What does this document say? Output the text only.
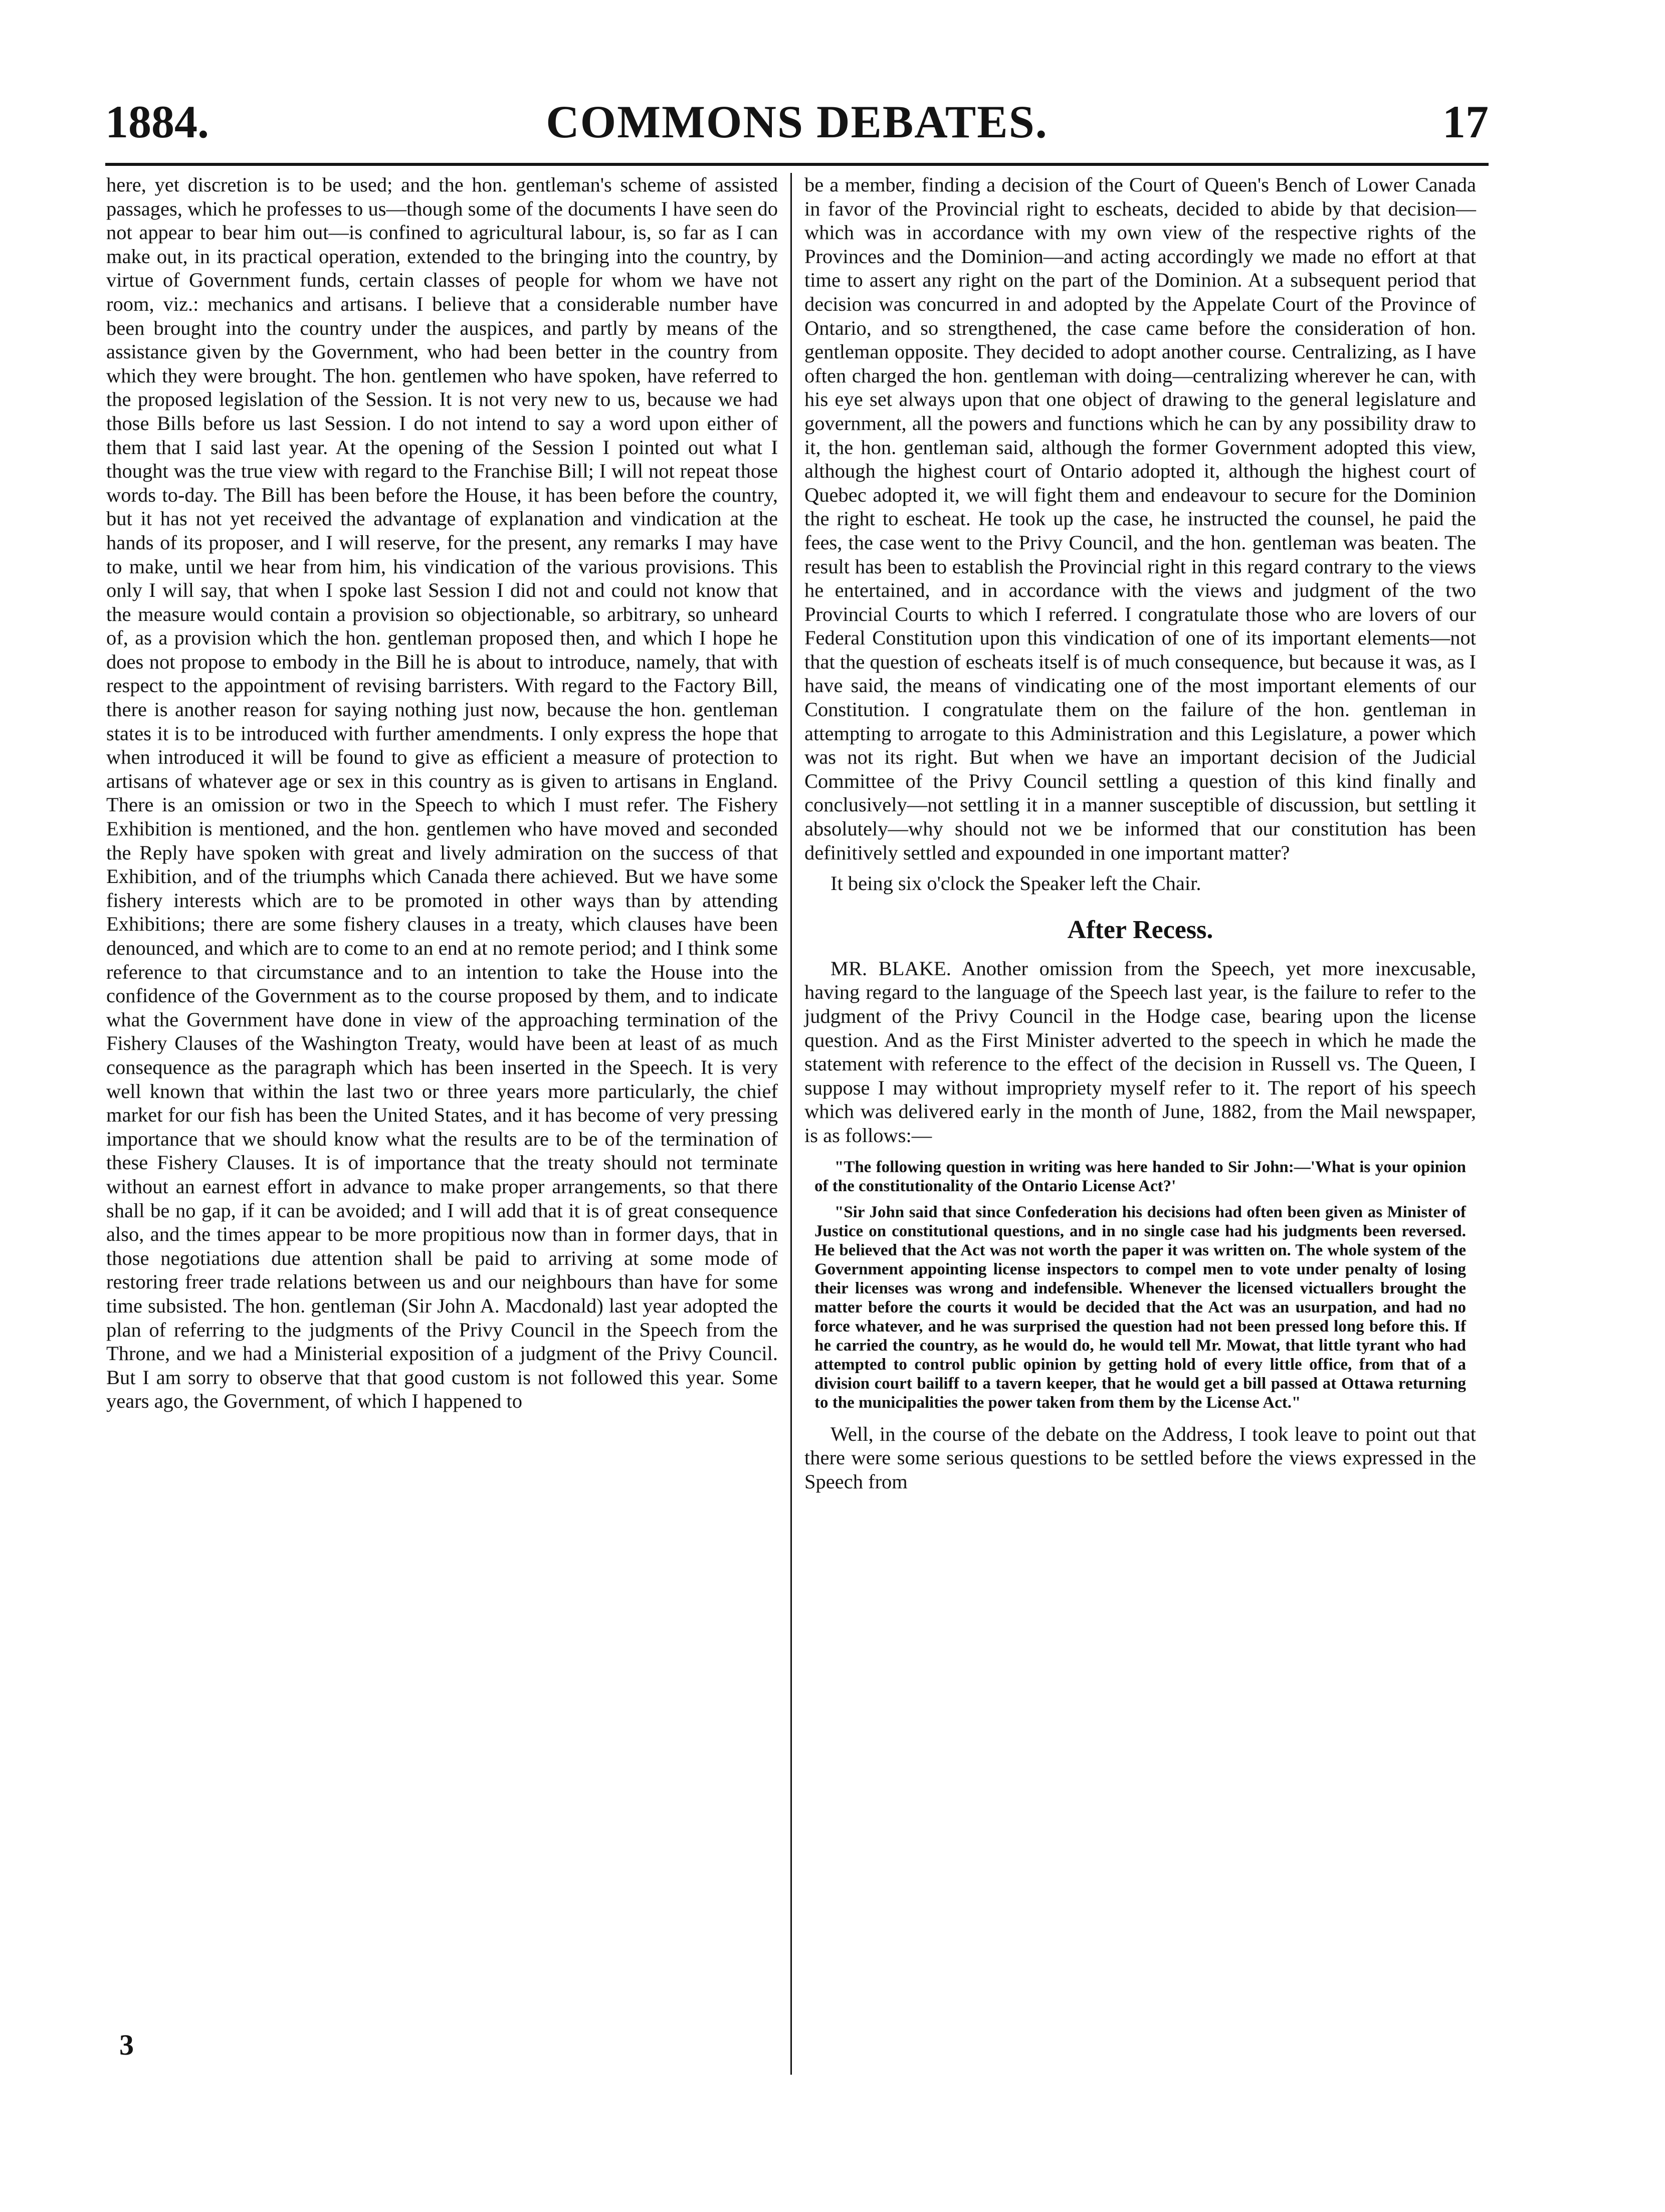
1884.	COMMONS DEBATES.	17

here, yet discretion is to be used; and the hon. gentleman's scheme of assisted passages, which he professes to us—though some of the documents I have seen do not appear to bear him out—is confined to agricultural labour, is, so far as I can make out, in its practical operation, extended to the bringing into the country, by virtue of Government funds, certain classes of people for whom we have not room, viz.: mechanics and artisans. I believe that a considerable number have been brought into the country under the auspices, and partly by means of the assistance given by the Government, who had been better in the country from which they were brought. The hon. gentlemen who have spoken, have referred to the proposed legislation of the Session. It is not very new to us, because we had those Bills before us last Session. I do not intend to say a word upon either of them that I said last year. At the opening of the Session I pointed out what I thought was the true view with regard to the Franchise Bill; I will not repeat those words to-day. The Bill has been before the House, it has been before the country, but it has not yet received the advantage of explanation and vindication at the hands of its proposer, and I will reserve, for the present, any remarks I may have to make, until we hear from him, his vindication of the various provisions. This only I will say, that when I spoke last Session I did not and could not know that the measure would contain a provision so objectionable, so arbitrary, so unheard of, as a provision which the hon. gentleman proposed then, and which I hope he does not propose to embody in the Bill he is about to introduce, namely, that with respect to the appointment of revising barristers. With regard to the Factory Bill, there is another reason for saying nothing just now, because the hon. gentleman states it is to be introduced with further amendments. I only express the hope that when introduced it will be found to give as efficient a measure of protection to artisans of whatever age or sex in this country as is given to artisans in England. There is an omission or two in the Speech to which I must refer. The Fishery Exhibition is mentioned, and the hon. gentlemen who have moved and seconded the Reply have spoken with great and lively admiration on the success of that Exhibition, and of the triumphs which Canada there achieved. But we have some fishery interests which are to be promoted in other ways than by attending Exhibitions; there are some fishery clauses in a treaty, which clauses have been denounced, and which are to come to an end at no remote period; and I think some reference to that circumstance and to an intention to take the House into the confidence of the Government as to the course proposed by them, and to indicate what the Government have done in view of the approaching termination of the Fishery Clauses of the Washington Treaty, would have been at least of as much consequence as the paragraph which has been inserted in the Speech. It is very well known that within the last two or three years more particularly, the chief market for our fish has been the United States, and it has become of very pressing importance that we should know what the results are to be of the termination of these Fishery Clauses. It is of importance that the treaty should not terminate without an earnest effort in advance to make proper arrangements, so that there shall be no gap, if it can be avoided; and I will add that it is of great consequence also, and the times appear to be more propitious now than in former days, that in those negotiations due attention shall be paid to arriving at some mode of restoring freer trade relations between us and our neighbours than have for some time subsisted. The hon. gentleman (Sir John A. Macdonald) last year adopted the plan of referring to the judgments of the Privy Council in the Speech from the Throne, and we had a Ministerial exposition of a judgment of the Privy Council. But I am sorry to observe that that good custom is not followed this year. Some years ago, the Government, of which I happened to

3

be a member, finding a decision of the Court of Queen's Bench of Lower Canada in favor of the Provincial right to escheats, decided to abide by that decision—which was in accordance with my own view of the respective rights of the Provinces and the Dominion—and acting accordingly we made no effort at that time to assert any right on the part of the Dominion. At a subsequent period that decision was concurred in and adopted by the Appelate Court of the Province of Ontario, and so strengthened, the case came before the consideration of hon. gentleman opposite. They decided to adopt another course. Centralizing, as I have often charged the hon. gentleman with doing—centralizing wherever he can, with his eye set always upon that one object of drawing to the general legislature and government, all the powers and functions which he can by any possibility draw to it, the hon. gentleman said, although the former Government adopted this view, although the highest court of Ontario adopted it, although the highest court of Quebec adopted it, we will fight them and endeavour to secure for the Dominion the right to escheat. He took up the case, he instructed the counsel, he paid the fees, the case went to the Privy Council, and the hon. gentleman was beaten. The result has been to establish the Provincial right in this regard contrary to the views he entertained, and in accordance with the views and judgment of the two Provincial Courts to which I referred. I congratulate those who are lovers of our Federal Constitution upon this vindication of one of its important elements—not that the question of escheats itself is of much consequence, but because it was, as I have said, the means of vindicating one of the most important elements of our Constitution. I congratulate them on the failure of the hon. gentleman in attempting to arrogate to this Administration and this Legislature, a power which was not its right. But when we have an important decision of the Judicial Committee of the Privy Council settling a question of this kind finally and conclusively—not settling it in a manner susceptible of discussion, but settling it absolutely—why should not we be informed that our constitution has been definitively settled and expounded in one important matter?

It being six o'clock the Speaker left the Chair.

After Recess.

MR. BLAKE. Another omission from the Speech, yet more inexcusable, having regard to the language of the Speech last year, is the failure to refer to the judgment of the Privy Council in the Hodge case, bearing upon the license question. And as the First Minister adverted to the speech in which he made the statement with reference to the effect of the decision in Russell vs. The Queen, I suppose I may without impropriety myself refer to it. The report of his speech which was delivered early in the month of June, 1882, from the Mail newspaper, is as follows:—

"The following question in writing was here handed to Sir John:—'What is your opinion of the constitutionality of the Ontario License Act?'

"Sir John said that since Confederation his decisions had often been given as Minister of Justice on constitutional questions, and in no single case had his judgments been reversed. He believed that the Act was not worth the paper it was written on. The whole system of the Government appointing license inspectors to compel men to vote under penalty of losing their licenses was wrong and indefensible. Whenever the licensed victuallers brought the matter before the courts it would be decided that the Act was an usurpation, and had no force whatever, and he was surprised the question had not been pressed long before this. If he carried the country, as he would do, he would tell Mr. Mowat, that little tyrant who had attempted to control public opinion by getting hold of every little office, from that of a division court bailiff to a tavern keeper, that he would get a bill passed at Ottawa returning to the municipalities the power taken from them by the License Act."

Well, in the course of the debate on the Address, I took leave to point out that there were some serious questions to be settled before the views expressed in the Speech from
